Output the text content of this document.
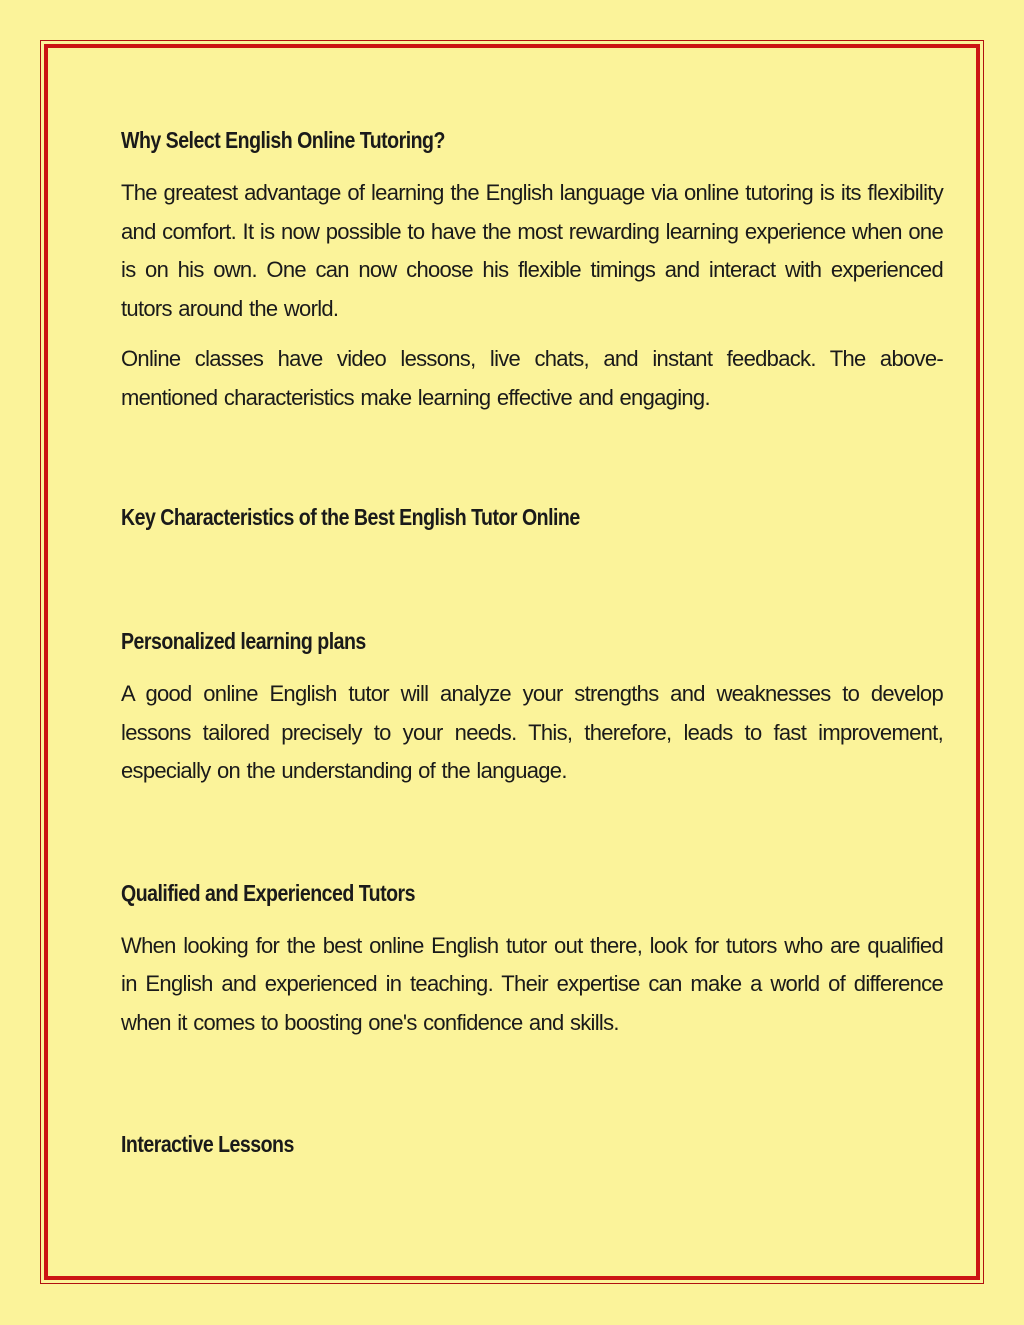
Why Select English Online Tutoring?

The greatest advantage of learning the English language via online tutoring is its flexibility and comfort. It is now possible to have the most rewarding learning experience when one is on his own. One can now choose his flexible timings and interact with experienced tutors around the world.

Online classes have video lessons, live chats, and instant feedback. The above-mentioned characteristics make learning effective and engaging.

Key Characteristics of the Best English Tutor Online
Personalized learning plans

A good online English tutor will analyze your strengths and weaknesses to develop lessons tailored precisely to your needs. This, therefore, leads to fast improvement, especially on the understanding of the language.

Qualified and Experienced Tutors

When looking for the best online English tutor out there, look for tutors who are qualified in English and experienced in teaching. Their expertise can make a world of difference when it comes to boosting one's confidence and skills.

Interactive Lessons
